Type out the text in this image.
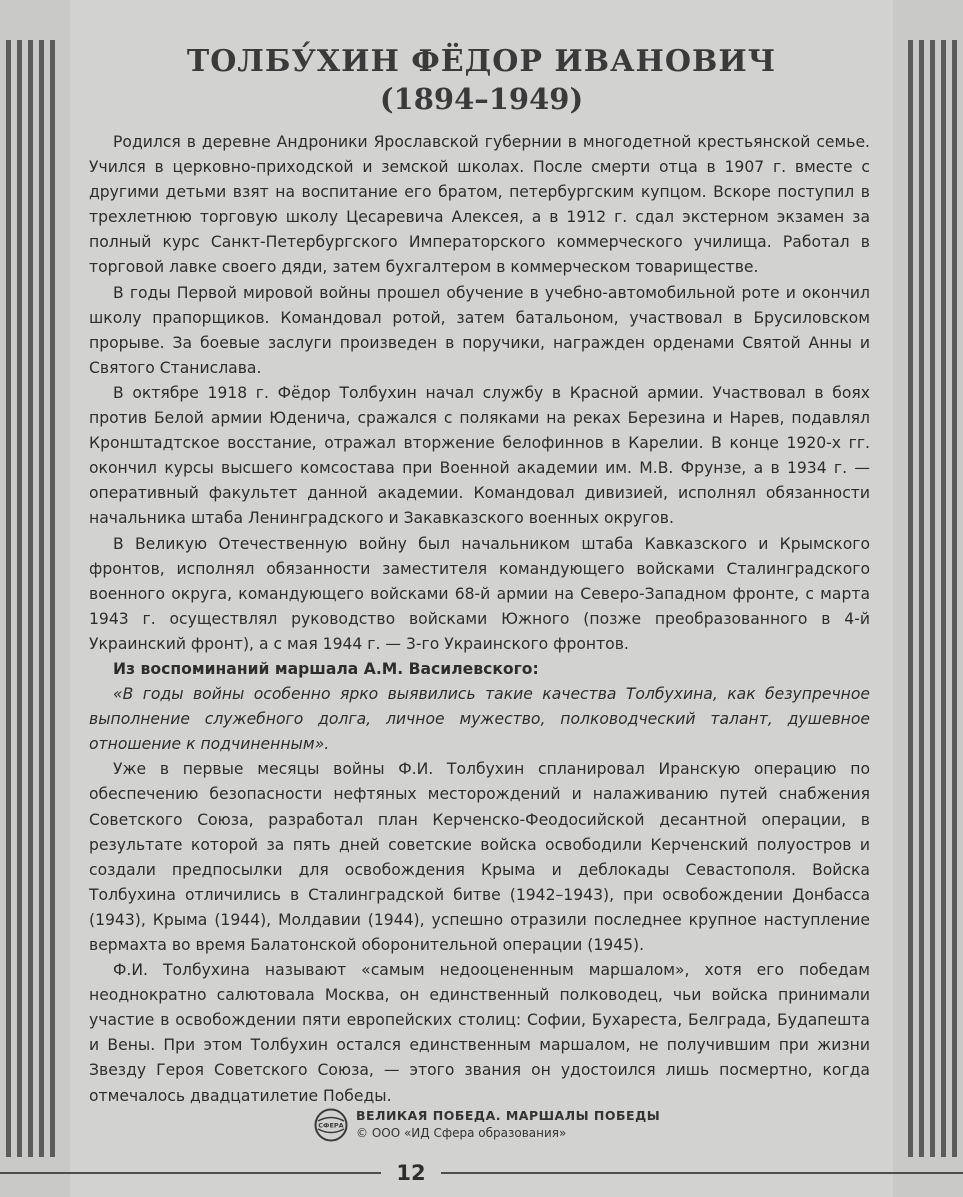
ТОЛБУ́ХИН ФЁДОР ИВАНОВИЧ
(1894–1949)

Родился в деревне Андроники Ярославской губернии в многодетной крестьянской семье. Учился в церковно-приходской и земской школах. После смерти отца в 1907 г. вместе с другими детьми взят на воспитание его братом, петербургским купцом. Вскоре поступил в трехлетнюю торговую школу Цесаревича Алексея, а в 1912 г. сдал экстерном экзамен за полный курс Санкт-Петербургского Императорского коммерческого училища. Работал в торговой лавке своего дяди, затем бухгалтером в коммерческом товариществе.

В годы Первой мировой войны прошел обучение в учебно-автомобильной роте и окончил школу прапорщиков. Командовал ротой, затем батальоном, участвовал в Брусиловском прорыве. За боевые заслуги произведен в поручики, награжден орденами Святой Анны и Святого Станислава.

В октябре 1918 г. Фёдор Толбухин начал службу в Красной армии. Участвовал в боях против Белой армии Юденича, сражался с поляками на реках Березина и Нарев, подавлял Кронштадтское восстание, отражал вторжение белофиннов в Карелии. В конце 1920-х гг. окончил курсы высшего комсостава при Военной академии им. М.В. Фрунзе, а в 1934 г. — оперативный факультет данной академии. Командовал дивизией, исполнял обязанности начальника штаба Ленинградского и Закавказского военных округов.

В Великую Отечественную войну был начальником штаба Кавказского и Крымского фронтов, исполнял обязанности заместителя командующего войсками Сталинградского военного округа, командующего войсками 68-й армии на Северо-Западном фронте, с марта 1943 г. осуществлял руководство войсками Южного (позже преобразованного в 4-й Украинский фронт), а с мая 1944 г. — 3-го Украинского фронтов.

Из воспоминаний маршала А.М. Василевского:

«В годы войны особенно ярко выявились такие качества Толбухина, как безупречное выполнение служебного долга, личное мужество, полководческий талант, душевное отношение к подчиненным».

Уже в первые месяцы войны Ф.И. Толбухин спланировал Иранскую операцию по обеспечению безопасности нефтяных месторождений и налаживанию путей снабжения Советского Союза, разработал план Керченско-Феодосийской десантной операции, в результате которой за пять дней советские войска освободили Керченский полуостров и создали предпосылки для освобождения Крыма и деблокады Севастополя. Войска Толбухина отличились в Сталинградской битве (1942–1943), при освобождении Донбасса (1943), Крыма (1944), Молдавии (1944), успешно отразили последнее крупное наступление вермахта во время Балатонской оборонительной операции (1945).

Ф.И. Толбухина называют «самым недооцененным маршалом», хотя его победам неоднократно салютовала Москва, он единственный полководец, чьи войска принимали участие в освобождении пяти европейских столиц: Софии, Бухареста, Белграда, Будапешта и Вены. При этом Толбухин остался единственным маршалом, не получившим при жизни Звезду Героя Советского Союза, — этого звания он удостоился лишь посмертно, когда отмечалось двадцатилетие Победы.

СФЕРА
ВЕЛИКАЯ ПОБЕДА. МАРШАЛЫ ПОБЕДЫ
© ООО «ИД Сфера образования»
12
